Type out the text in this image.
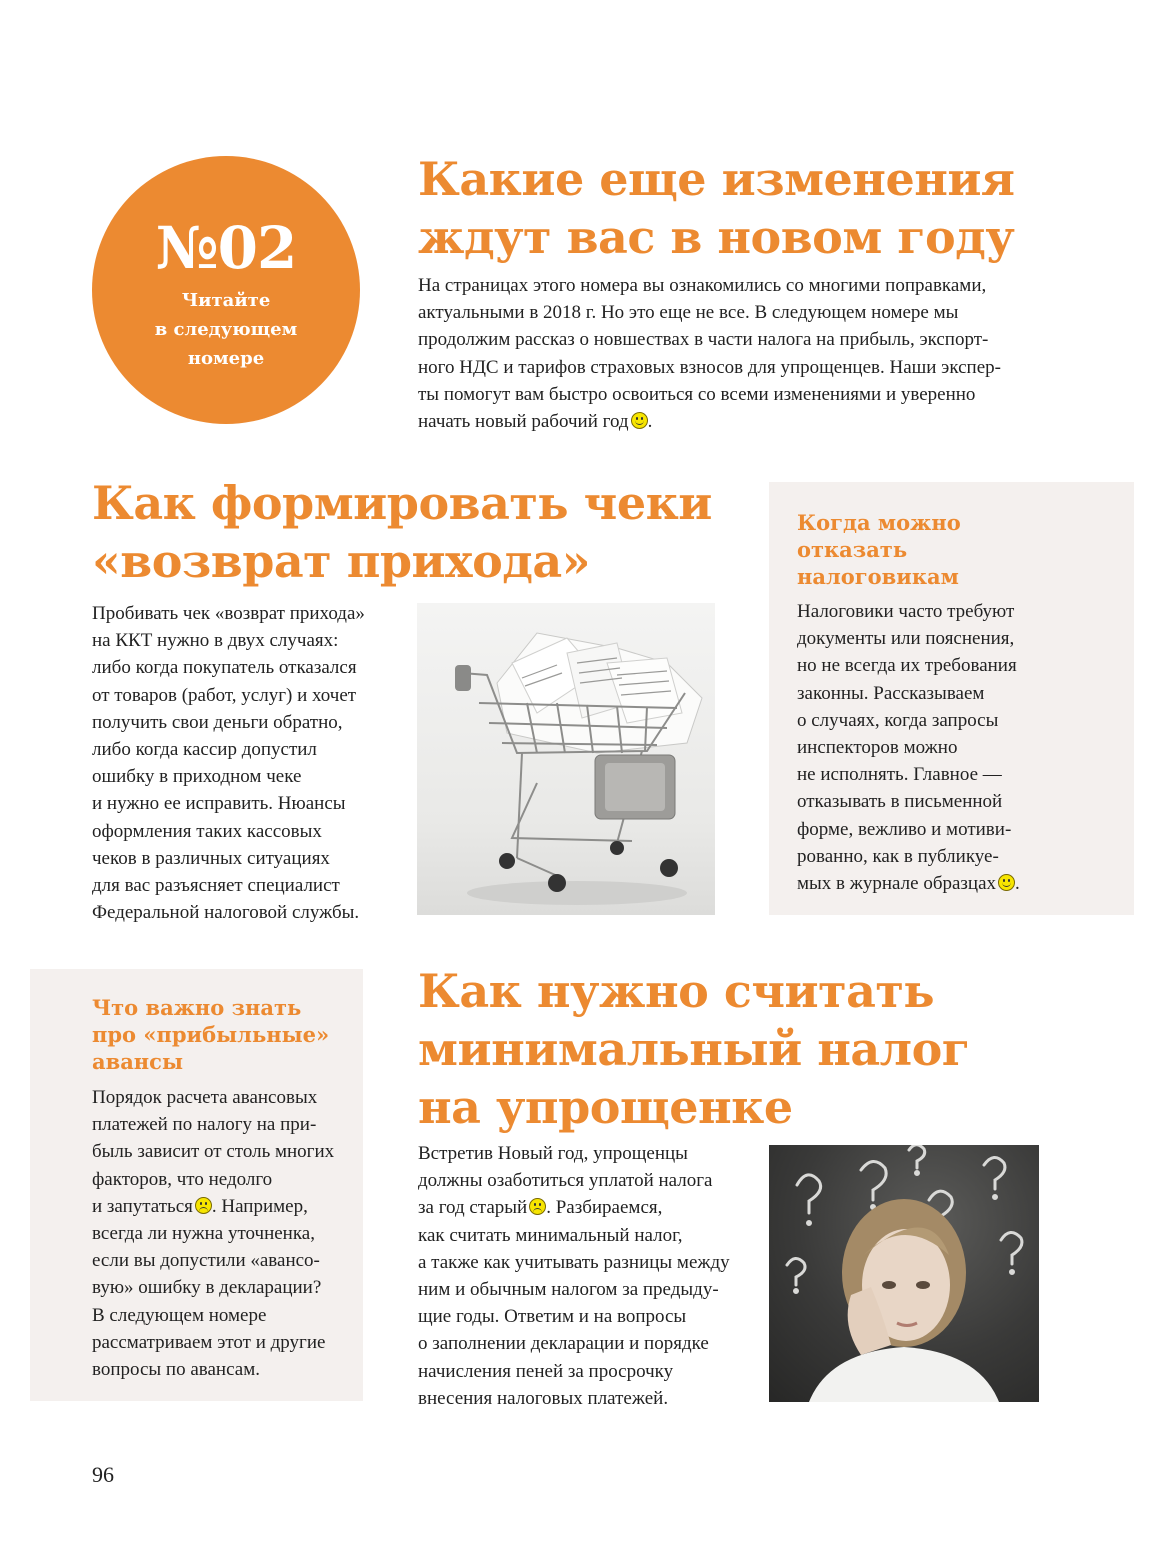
№02
Читайте
в следующем
номере
Какие еще изменения
ждут вас в новом году

На страницах этого номера вы ознакомились со многими поправками,
актуальными в 2018 г. Но это еще не все. В следующем номере мы
продолжим рассказ о новшествах в части налога на прибыль, экспорт-
ного НДС и тарифов страховых взносов для упрощенцев. Наши экспер-
ты помогут вам быстро освоиться со всеми изменениями и уверенно
начать новый рабочий год .

Как формировать чеки
«возврат прихода»

Пробивать чек «возврат прихода»
на ККТ нужно в двух случаях:
либо когда покупатель отказался
от товаров (работ, услуг) и хочет
получить свои деньги обратно,
либо когда кассир допустил
ошибку в приходном чеке
и нужно ее исправить. Нюансы
оформления таких кассовых
чеков в различных ситуациях
для вас разъясняет специалист
Федеральной налоговой службы.

Когда можно
отказать
налоговикам

Налоговики часто требуют
документы или пояснения,
но не всегда их требования
законны. Рассказываем
о случаях, когда запросы
инспекторов можно
не исполнять. Главное —
отказывать в письменной
форме, вежливо и мотиви-
рованно, как в публикуе-
мых в журнале образцах .

Что важно знать
про «прибыльные»
авансы

Порядок расчета авансовых
платежей по налогу на при-
быль зависит от столь многих
факторов, что недолго
и запутаться . Например,
всегда ли нужна уточненка,
если вы допустили «авансо-
вую» ошибку в декларации?
В следующем номере
рассматриваем этот и другие
вопросы по авансам.

Как нужно считать
минимальный налог
на упрощенке

Встретив Новый год, упрощенцы
должны озаботиться уплатой налога
за год старый . Разбираемся,
как считать минимальный налог,
а также как учитывать разницы между
ним и обычным налогом за предыду-
щие годы. Ответим и на вопросы
о заполнении декларации и порядке
начисления пеней за просрочку
внесения налоговых платежей.

96
